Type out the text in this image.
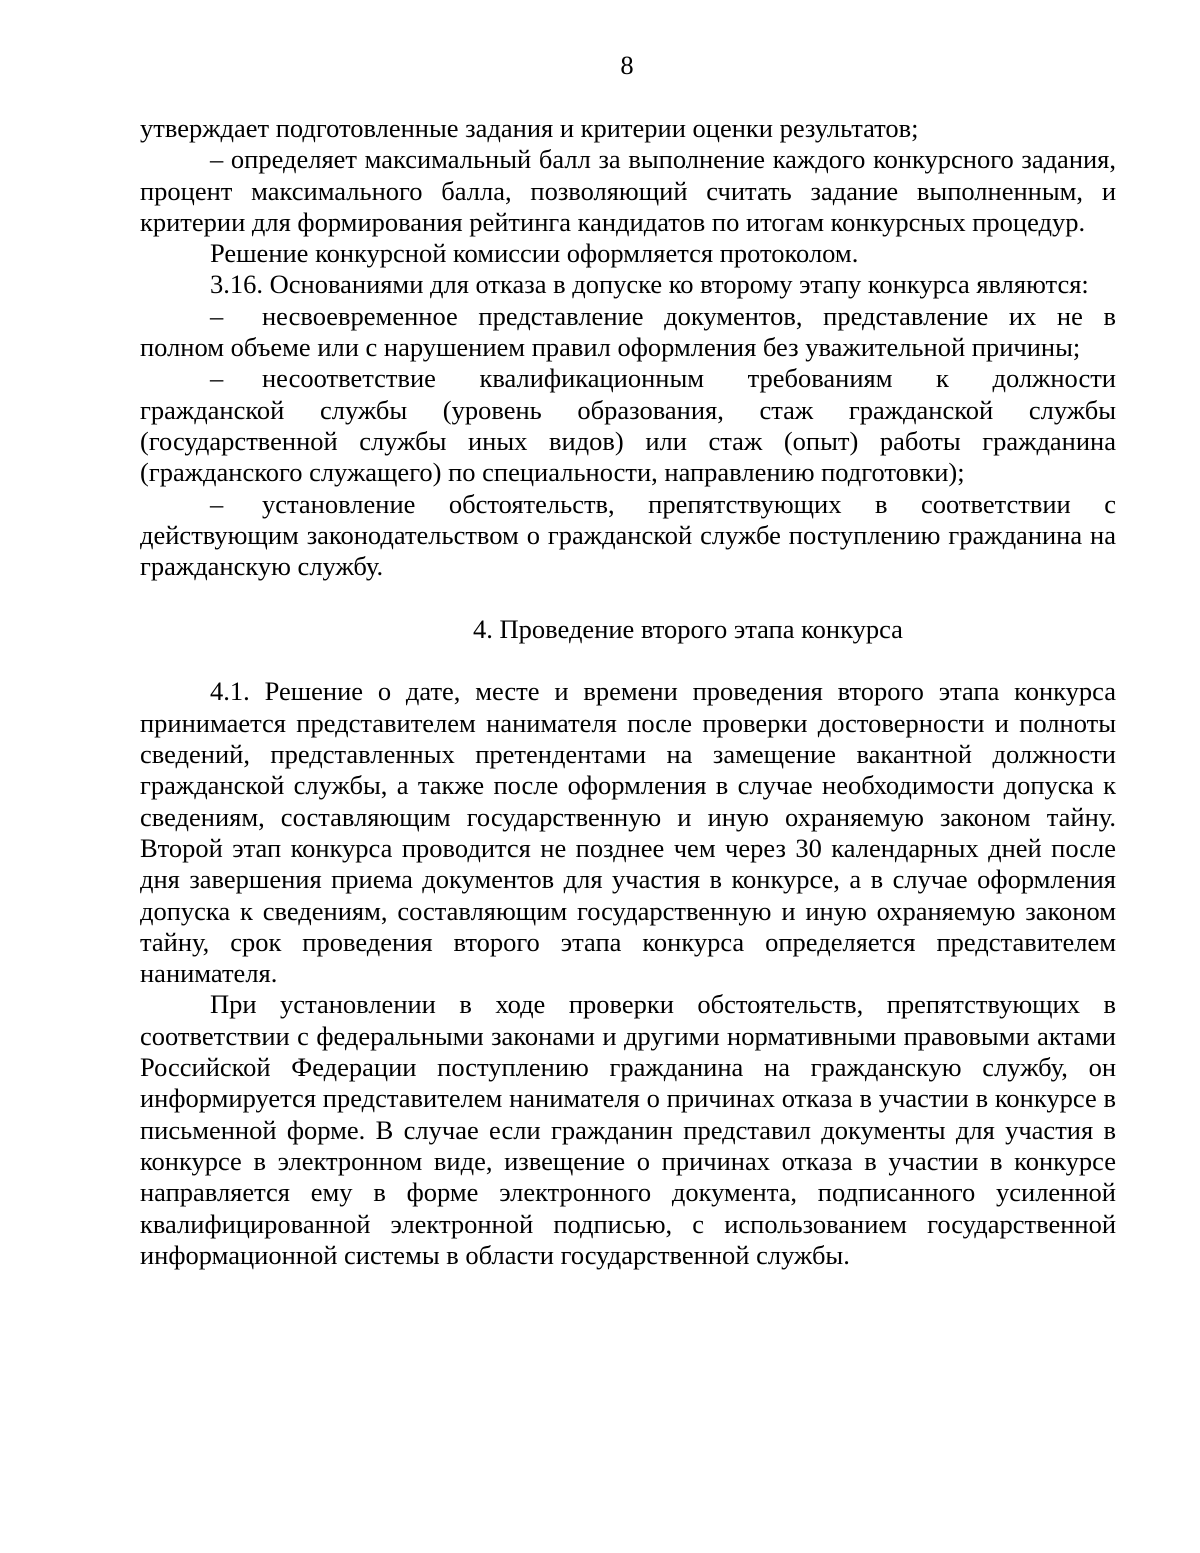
8

утверждает подготовленные задания и критерии оценки результатов;

– определяет максимальный балл за выполнение каждого конкурсного задания, процент максимального балла, позволяющий считать задание выполненным, и критерии для формирования рейтинга кандидатов по итогам конкурсных процедур.

Решение конкурсной комиссии оформляется протоколом.

3.16. Основаниями для отказа в допуске ко второму этапу конкурса являются:

– несвоевременное представление документов, представление их не в полном объеме или с нарушением правил оформления без уважительной причины;

– несоответствие квалификационным требованиям к должности гражданской службы (уровень образования, стаж гражданской службы (государственной службы иных видов) или стаж (опыт) работы гражданина (гражданского служащего) по специальности, направлению подготовки);

– установление обстоятельств, препятствующих в соответствии с действующим законодательством о гражданской службе поступлению гражданина на гражданскую службу.

4. Проведение второго этапа конкурса

4.1. Решение о дате, месте и времени проведения второго этапа конкурса принимается представителем нанимателя после проверки достоверности и полноты сведений, представленных претендентами на замещение вакантной должности гражданской службы, а также после оформления в случае необходимости допуска к сведениям, составляющим государственную и иную охраняемую законом тайну. Второй этап конкурса проводится не позднее чем через 30 календарных дней после дня завершения приема документов для участия в конкурсе, а в случае оформления допуска к сведениям, составляющим государственную и иную охраняемую законом тайну, срок проведения второго этапа конкурса определяется представителем нанимателя.

При установлении в ходе проверки обстоятельств, препятствующих в соответствии с федеральными законами и другими нормативными правовыми актами Российской Федерации поступлению гражданина на гражданскую службу, он информируется представителем нанимателя о причинах отказа в участии в конкурсе в письменной форме. В случае если гражданин представил документы для участия в конкурсе в электронном виде, извещение о причинах отказа в участии в конкурсе направляется ему в форме электронного документа, подписанного усиленной квалифицированной электронной подписью, с использованием государственной информационной системы в области государственной службы.
